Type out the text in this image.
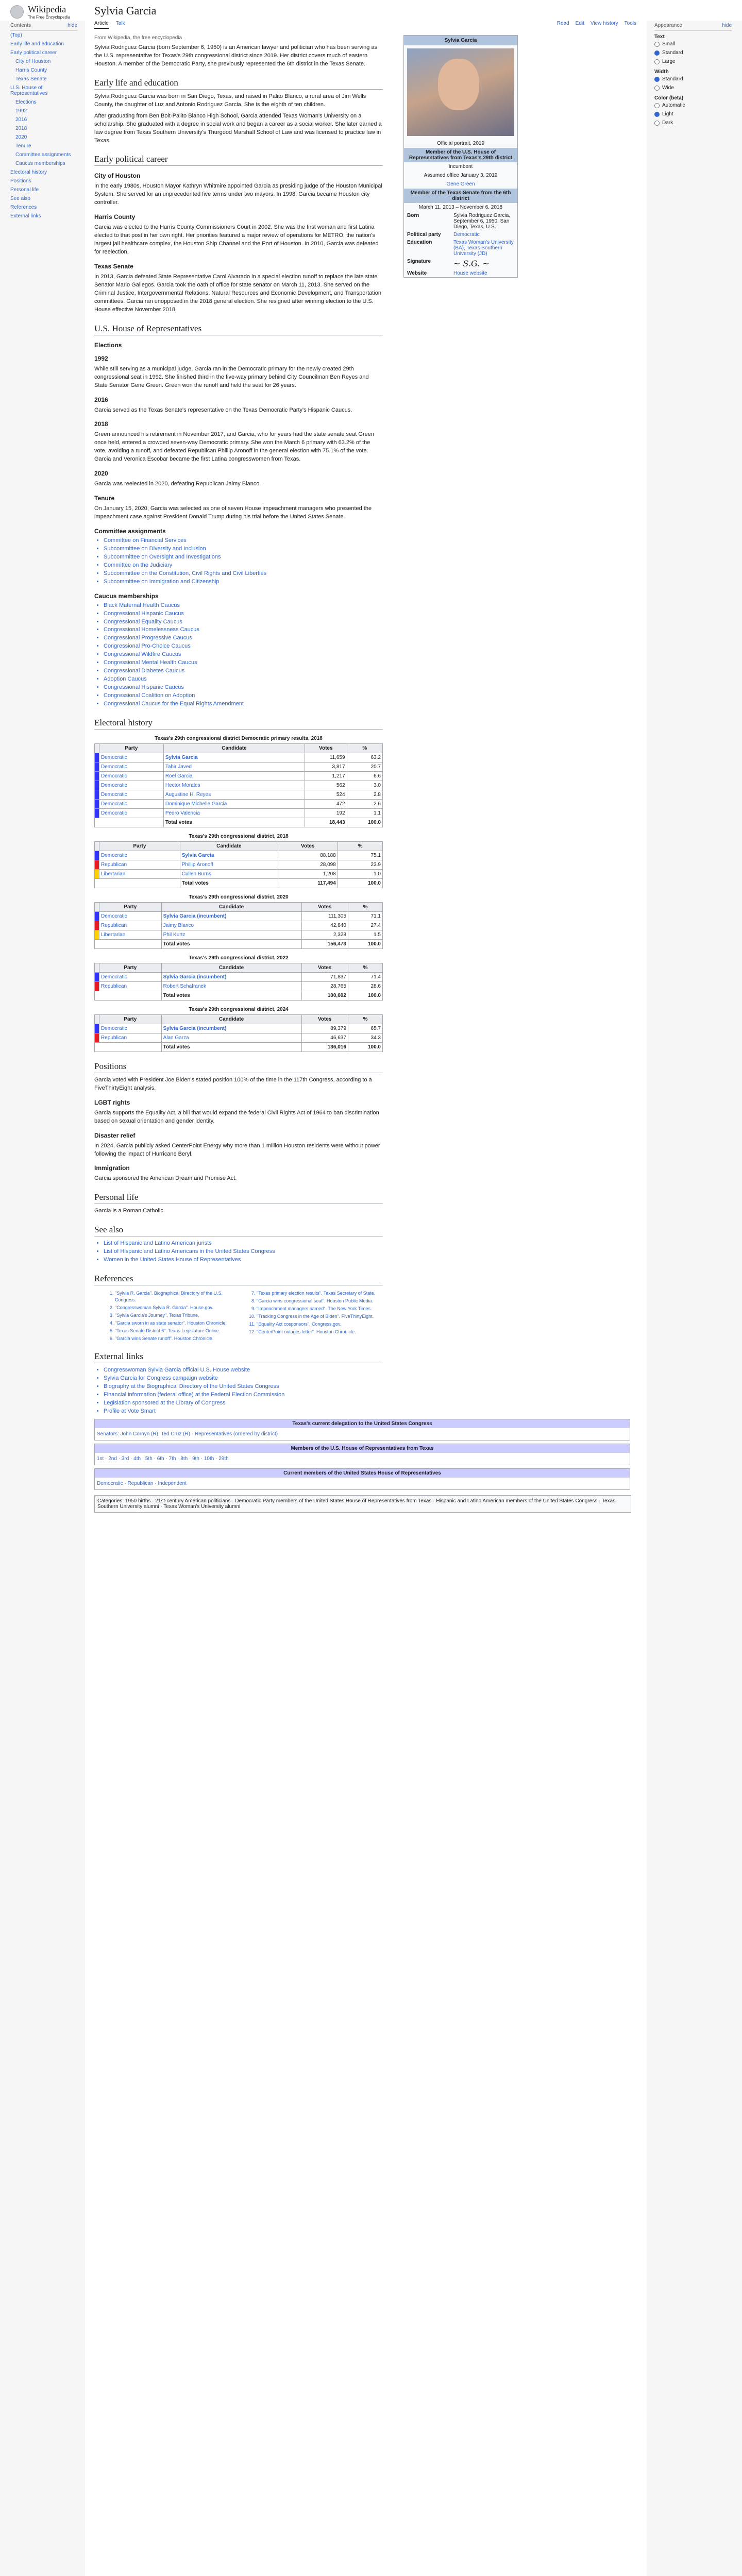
Wikipedia
The Free Encyclopedia
Contents	hide
(Top)
Early life and education
Early political career
City of Houston
Harris County
Texas Senate
U.S. House of Representatives
Elections
1992
2016
2018
2020
Tenure
Committee assignments
Caucus memberships
Electoral history
Positions
Personal life
See also
References
External links
Appearance	hide
Text
Small
Standard
Large
Width
Standard
Wide
Color (beta)
Automatic
Light
Dark
Sylvia Garcia
Article Talk	Read Edit View history Tools
Sylvia Garcia
Official portrait, 2019
Member of the U.S. House of Representatives from Texas's 29th district
Incumbent
Assumed office January 3, 2019
Gene Green
Member of the Texas Senate from the 6th district
March 11, 2013 – November 6, 2018
Born	Sylvia Rodriguez Garcia, September 6, 1950, San Diego, Texas, U.S.
Political party	Democratic
Education	Texas Woman's University (BA), Texas Southern University (JD)
Signature	~ S.G. ~
Website	House website
From Wikipedia, the free encyclopedia

Sylvia Rodriguez Garcia (born September 6, 1950) is an American lawyer and politician who has been serving as the U.S. representative for Texas's 29th congressional district since 2019. Her district covers much of eastern Houston. A member of the Democratic Party, she previously represented the 6th district in the Texas Senate.

Early life and education

Sylvia Rodriguez Garcia was born in San Diego, Texas, and raised in Palito Blanco, a rural area of Jim Wells County, the daughter of Luz and Antonio Rodriguez Garcia. She is the eighth of ten children.

After graduating from Ben Bolt-Palito Blanco High School, Garcia attended Texas Woman's University on a scholarship. She graduated with a degree in social work and began a career as a social worker. She later earned a law degree from Texas Southern University's Thurgood Marshall School of Law and was licensed to practice law in Texas.

Early political career
City of Houston

In the early 1980s, Houston Mayor Kathryn Whitmire appointed Garcia as presiding judge of the Houston Municipal System. She served for an unprecedented five terms under two mayors. In 1998, Garcia became Houston city controller.

Harris County

Garcia was elected to the Harris County Commissioners Court in 2002. She was the first woman and first Latina elected to that post in her own right. Her priorities featured a major review of operations for METRO, the nation's largest jail healthcare complex, the Houston Ship Channel and the Port of Houston. In 2010, Garcia was defeated for reelection.

Texas Senate

In 2013, Garcia defeated State Representative Carol Alvarado in a special election runoff to replace the late state Senator Mario Gallegos. Garcia took the oath of office for state senator on March 11, 2013. She served on the Criminal Justice, Intergovernmental Relations, Natural Resources and Economic Development, and Transportation committees. Garcia ran unopposed in the 2018 general election. She resigned after winning election to the U.S. House effective November 2018.

U.S. House of Representatives
Elections
1992

While still serving as a municipal judge, Garcia ran in the Democratic primary for the newly created 29th congressional seat in 1992. She finished third in the five-way primary behind City Councilman Ben Reyes and State Senator Gene Green. Green won the runoff and held the seat for 26 years.

2016

Garcia served as the Texas Senate's representative on the Texas Democratic Party's Hispanic Caucus.

2018

Green announced his retirement in November 2017, and Garcia, who for years had the state senate seat Green once held, entered a crowded seven-way Democratic primary. She won the March 6 primary with 63.2% of the vote, avoiding a runoff, and defeated Republican Phillip Aronoff in the general election with 75.1% of the vote. Garcia and Veronica Escobar became the first Latina congresswomen from Texas.

2020

Garcia was reelected in 2020, defeating Republican Jaimy Blanco.

Tenure

On January 15, 2020, Garcia was selected as one of seven House impeachment managers who presented the impeachment case against President Donald Trump during his trial before the United States Senate.

Committee assignments
• Committee on Financial Services
• Subcommittee on Diversity and Inclusion
• Subcommittee on Oversight and Investigations
• Committee on the Judiciary
• Subcommittee on the Constitution, Civil Rights and Civil Liberties
• Subcommittee on Immigration and Citizenship
Caucus memberships
• Black Maternal Health Caucus
• Congressional Hispanic Caucus
• Congressional Equality Caucus
• Congressional Homelessness Caucus
• Congressional Progressive Caucus
• Congressional Pro-Choice Caucus
• Congressional Wildfire Caucus
• Congressional Mental Health Caucus
• Congressional Diabetes Caucus
• Adoption Caucus
• Congressional Hispanic Caucus
• Congressional Coalition on Adoption
• Congressional Caucus for the Equal Rights Amendment
Electoral history
Texas's 29th congressional district Democratic primary results, 2018
	Party	Candidate	Votes	%
	Democratic	Sylvia Garcia	11,659	63.2
	Democratic	Tahir Javed	3,817	20.7
	Democratic	Roel Garcia	1,217	6.6
	Democratic	Hector Morales	562	3.0
	Democratic	Augustine H. Reyes	524	2.8
	Democratic	Dominique Michelle Garcia	472	2.6
	Democratic	Pedro Valencia	192	1.1
		Total votes	18,443	100.0
Texas's 29th congressional district, 2018
	Party	Candidate	Votes	%
	Democratic	Sylvia Garcia	88,188	75.1
	Republican	Phillip Aronoff	28,098	23.9
	Libertarian	Cullen Burns	1,208	1.0
		Total votes	117,494	100.0
Texas's 29th congressional district, 2020
	Party	Candidate	Votes	%
	Democratic	Sylvia Garcia (incumbent)	111,305	71.1
	Republican	Jaimy Blanco	42,840	27.4
	Libertarian	Phil Kurtz	2,328	1.5
		Total votes	156,473	100.0
Texas's 29th congressional district, 2022
	Party	Candidate	Votes	%
	Democratic	Sylvia Garcia (incumbent)	71,837	71.4
	Republican	Robert Schafranek	28,765	28.6
		Total votes	100,602	100.0
Texas's 29th congressional district, 2024
	Party	Candidate	Votes	%
	Democratic	Sylvia Garcia (incumbent)	89,379	65.7
	Republican	Alan Garza	46,637	34.3
		Total votes	136,016	100.0
Positions

Garcia voted with President Joe Biden's stated position 100% of the time in the 117th Congress, according to a FiveThirtyEight analysis.

LGBT rights

Garcia supports the Equality Act, a bill that would expand the federal Civil Rights Act of 1964 to ban discrimination based on sexual orientation and gender identity.

Disaster relief

In 2024, Garcia publicly asked CenterPoint Energy why more than 1 million Houston residents were without power following the impact of Hurricane Beryl.

Immigration

Garcia sponsored the American Dream and Promise Act.

Personal life

Garcia is a Roman Catholic.

See also
• List of Hispanic and Latino American jurists
• List of Hispanic and Latino Americans in the United States Congress
• Women in the United States House of Representatives
References
1. "Sylvia R. Garcia". Biographical Directory of the U.S. Congress.
2. "Congresswoman Sylvia R. Garcia". House.gov.
3. "Sylvia Garcia's Journey". Texas Tribune.
4. "Garcia sworn in as state senator". Houston Chronicle.
5. "Texas Senate District 6". Texas Legislature Online.
6. "Garcia wins Senate runoff". Houston Chronicle.
7. "Texas primary election results". Texas Secretary of State.
8. "Garcia wins congressional seat". Houston Public Media.
9. "Impeachment managers named". The New York Times.
10. "Tracking Congress in the Age of Biden". FiveThirtyEight.
11. "Equality Act cosponsors". Congress.gov.
12. "CenterPoint outages letter". Houston Chronicle.
External links
• Congresswoman Sylvia Garcia official U.S. House website
• Sylvia Garcia for Congress campaign website
• Biography at the Biographical Directory of the United States Congress
• Financial information (federal office) at the Federal Election Commission
• Legislation sponsored at the Library of Congress
• Profile at Vote Smart
Texas's current delegation to the United States Congress
Senators: John Cornyn (R), Ted Cruz (R) · Representatives (ordered by district)
Members of the U.S. House of Representatives from Texas
1st · 2nd · 3rd · 4th · 5th · 6th · 7th · 8th · 9th · 10th · 29th
Current members of the United States House of Representatives
Democratic · Republican · Independent
Categories: 1950 births · 21st-century American politicians · Democratic Party members of the United States House of Representatives from Texas · Hispanic and Latino American members of the United States Congress · Texas Southern University alumni · Texas Woman's University alumni
